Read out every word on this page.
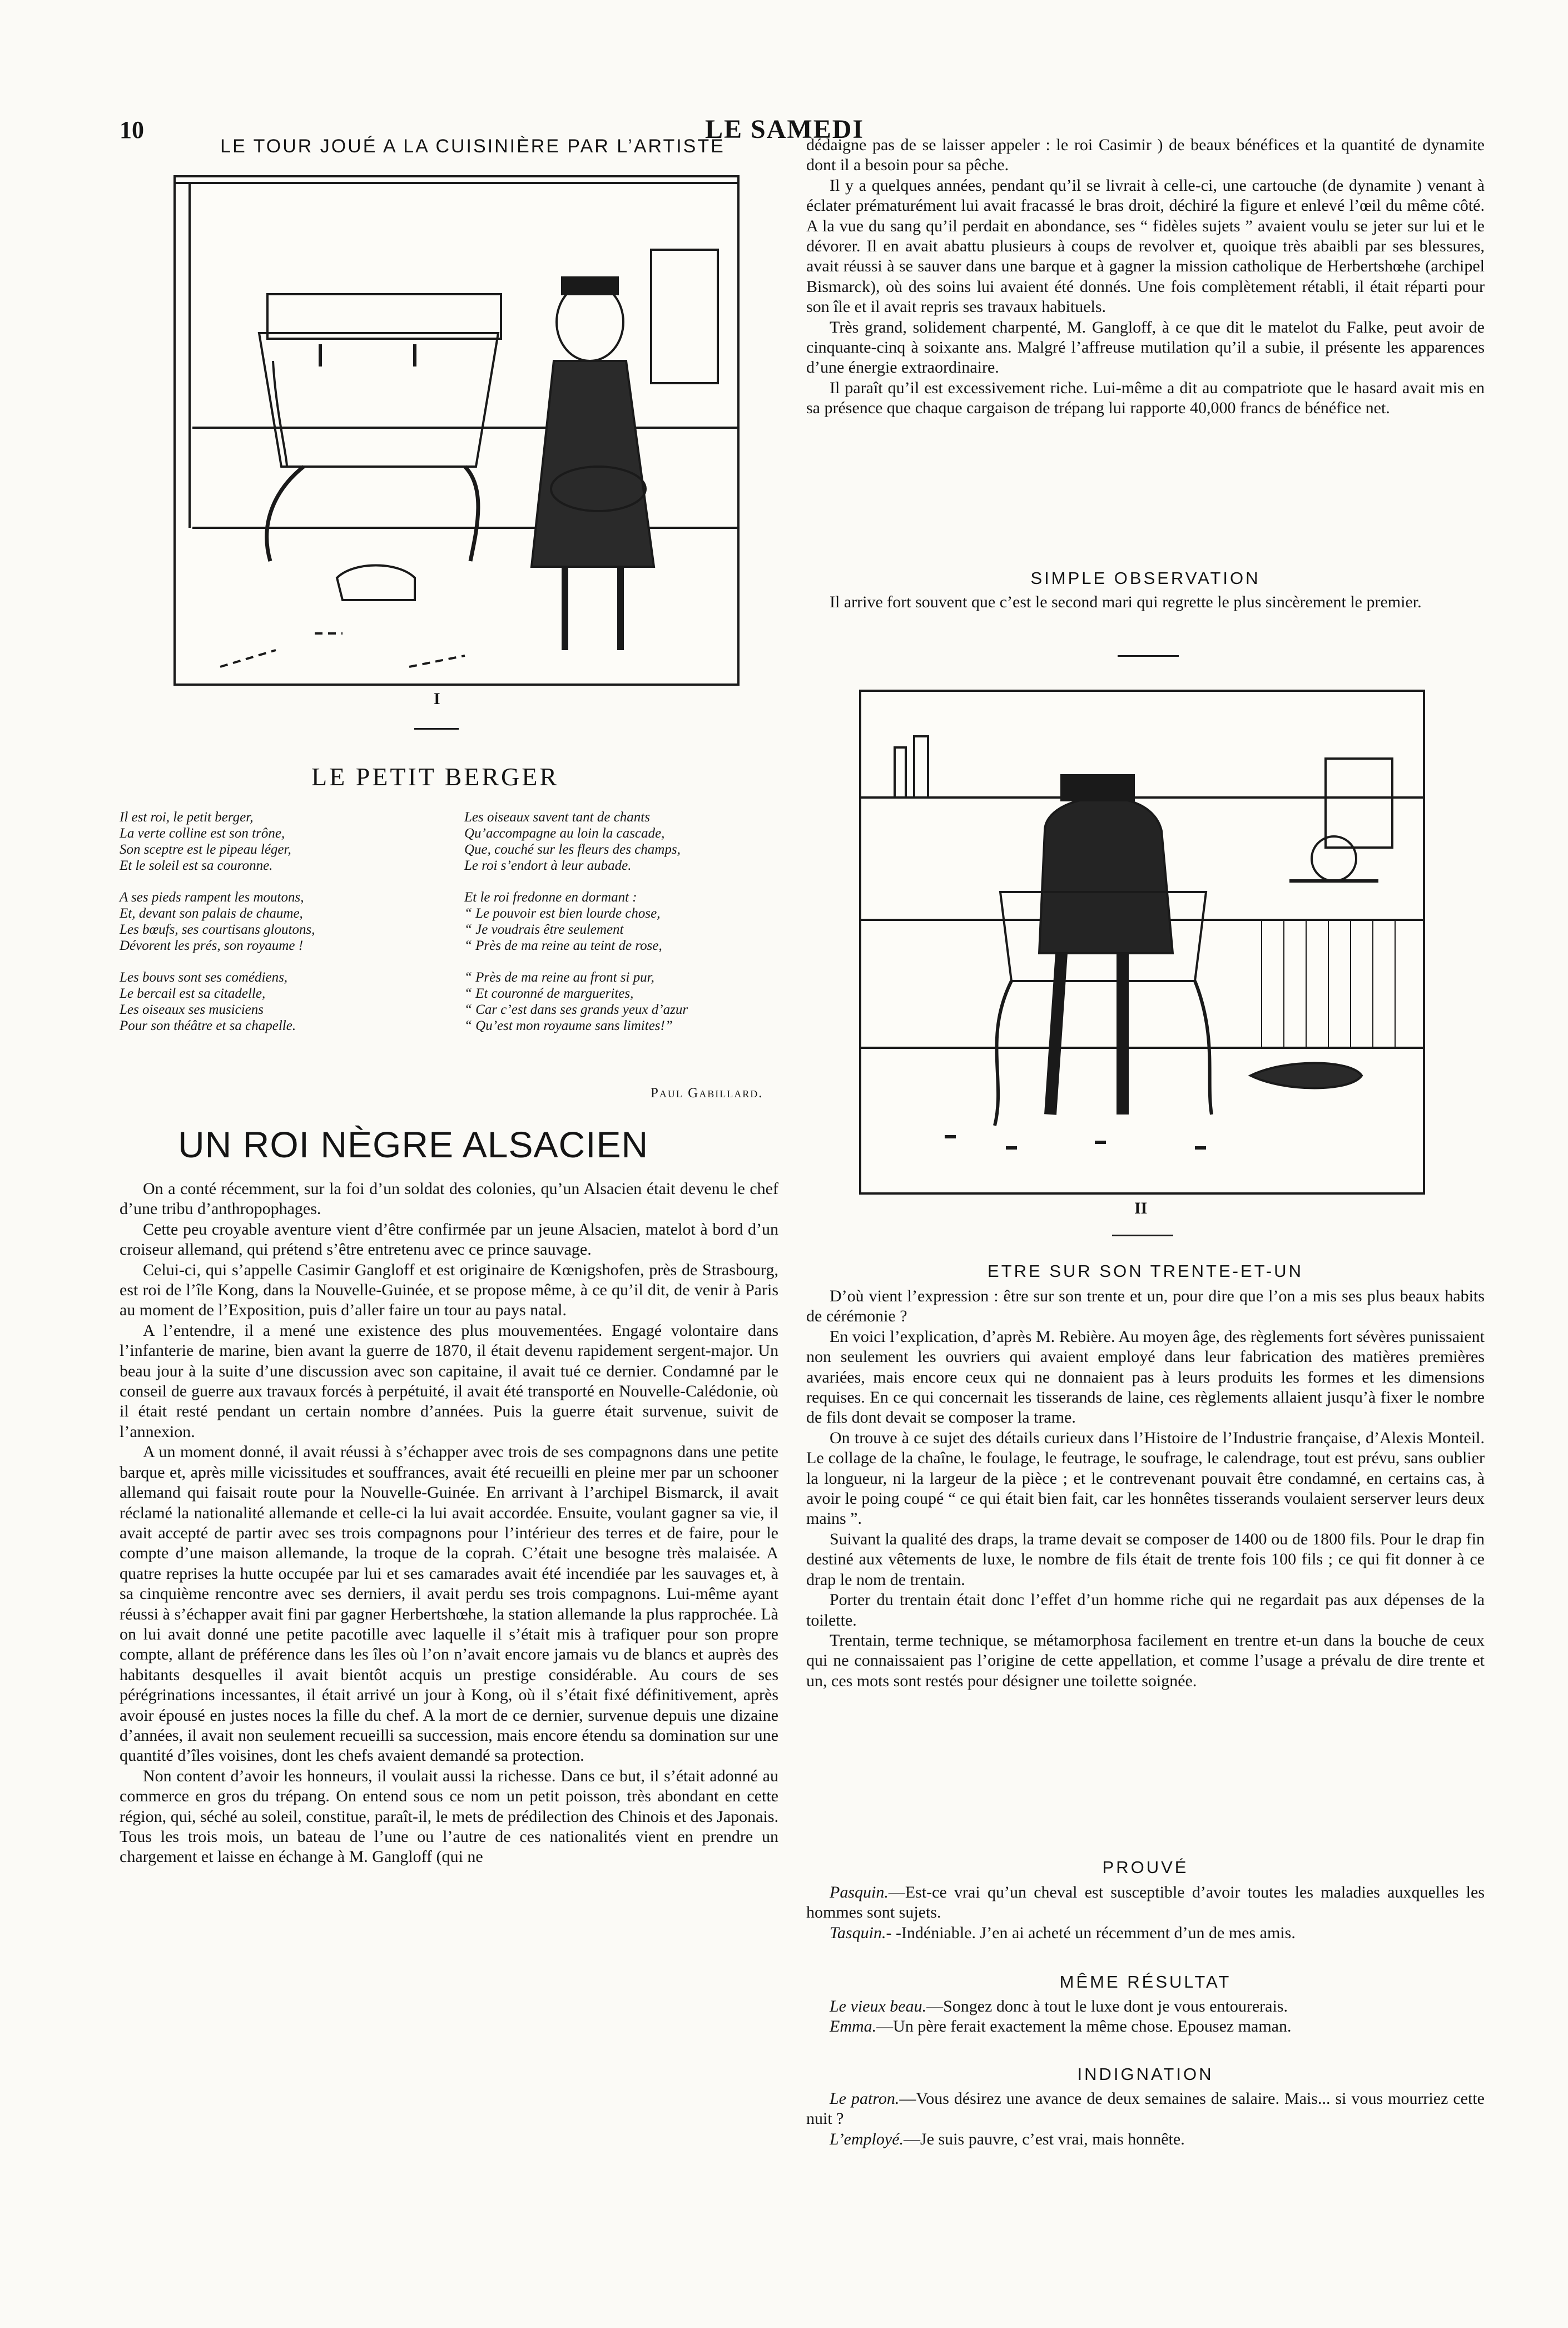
10	LE SAMEDI
LE TOUR JOUÉ A LA CUISINIÈRE PAR L’ARTISTE
I
LE PETIT BERGER
Il est roi, le petit berger,
La verte colline est son trône,
Son sceptre est le pipeau léger,
Et le soleil est sa couronne.
A ses pieds rampent les moutons,
Et, devant son palais de chaume,
Les bœufs, ses courtisans gloutons,
Dévorent les prés, son royaume !
Les bouvs sont ses comédiens,
Le bercail est sa citadelle,
Les oiseaux ses musiciens
Pour son théâtre et sa chapelle.
Les oiseaux savent tant de chants
Qu’accompagne au loin la cascade,
Que, couché sur les fleurs des champs,
Le roi s’endort à leur aubade.
Et le roi fredonne en dormant :
“ Le pouvoir est bien lourde chose,
“ Je voudrais être seulement
“ Près de ma reine au teint de rose,
“ Près de ma reine au front si pur,
“ Et couronné de marguerites,
“ Car c’est dans ses grands yeux d’azur
“ Qu’est mon royaume sans limites!”
Paul Gabillard.
UN ROI NÈGRE ALSACIEN

On a conté récemment, sur la foi d’un soldat des colonies, qu’un Alsacien était devenu le chef d’une tribu d’anthropophages.

Cette peu croyable aventure vient d’être confirmée par un jeune Alsacien, matelot à bord d’un croiseur allemand, qui prétend s’être entretenu avec ce prince sauvage.

Celui-ci, qui s’appelle Casimir Gangloff et est originaire de Kœnigshofen, près de Strasbourg, est roi de l’île Kong, dans la Nouvelle-Guinée, et se propose même, à ce qu’il dit, de venir à Paris au moment de l’Exposition, puis d’aller faire un tour au pays natal.

A l’entendre, il a mené une existence des plus mouvementées. Engagé volontaire dans l’infanterie de marine, bien avant la guerre de 1870, il était devenu rapidement sergent-major. Un beau jour à la suite d’une discussion avec son capitaine, il avait tué ce dernier. Condamné par le conseil de guerre aux travaux forcés à perpétuité, il avait été transporté en Nouvelle-Calédonie, où il était resté pendant un certain nombre d’années. Puis la guerre était survenue, suivit de l’annexion.

A un moment donné, il avait réussi à s’échapper avec trois de ses compagnons dans une petite barque et, après mille vicissitudes et souffrances, avait été recueilli en pleine mer par un schooner allemand qui faisait route pour la Nouvelle-Guinée. En arrivant à l’archipel Bismarck, il avait réclamé la nationalité allemande et celle-ci la lui avait accordée. Ensuite, voulant gagner sa vie, il avait accepté de partir avec ses trois compagnons pour l’intérieur des terres et de faire, pour le compte d’une maison allemande, la troque de la coprah. C’était une besogne très malaisée. A quatre reprises la hutte occupée par lui et ses camarades avait été incendiée par les sauvages et, à sa cinquième rencontre avec ses derniers, il avait perdu ses trois compagnons. Lui-même ayant réussi à s’échapper avait fini par gagner Herbertshœhe, la station allemande la plus rapprochée. Là on lui avait donné une petite pacotille avec laquelle il s’était mis à trafiquer pour son propre compte, allant de préférence dans les îles où l’on n’avait encore jamais vu de blancs et auprès des habitants desquelles il avait bientôt acquis un prestige considérable. Au cours de ses pérégrinations incessantes, il était arrivé un jour à Kong, où il s’était fixé définitivement, après avoir épousé en justes noces la fille du chef. A la mort de ce dernier, survenue depuis une dizaine d’années, il avait non seulement recueilli sa succession, mais encore étendu sa domination sur une quantité d’îles voisines, dont les chefs avaient demandé sa protection.

Non content d’avoir les honneurs, il voulait aussi la richesse. Dans ce but, il s’était adonné au commerce en gros du trépang. On entend sous ce nom un petit poisson, très abondant en cette région, qui, séché au soleil, constitue, paraît-il, le mets de prédilection des Chinois et des Japonais. Tous les trois mois, un bateau de l’une ou l’autre de ces nationalités vient en prendre un chargement et laisse en échange à M. Gangloff (qui ne

dédaigne pas de se laisser appeler : le roi Casimir ) de beaux bénéfices et la quantité de dynamite dont il a besoin pour sa pêche.

Il y a quelques années, pendant qu’il se livrait à celle-ci, une cartouche (de dynamite ) venant à éclater prématurément lui avait fracassé le bras droit, déchiré la figure et enlevé l’œil du même côté. A la vue du sang qu’il perdait en abondance, ses “ fidèles sujets ” avaient voulu se jeter sur lui et le dévorer. Il en avait abattu plusieurs à coups de revolver et, quoique très abaibli par ses blessures, avait réussi à se sauver dans une barque et à gagner la mission catholique de Herbertshœhe (archipel Bismarck), où des soins lui avaient été donnés. Une fois complètement rétabli, il était réparti pour son île et il avait repris ses travaux habituels.

Très grand, solidement charpenté, M. Gangloff, à ce que dit le matelot du Falke, peut avoir de cinquante-cinq à soixante ans. Malgré l’affreuse mutilation qu’il a subie, il présente les apparences d’une énergie extraordinaire.

Il paraît qu’il est excessivement riche. Lui-même a dit au compatriote que le hasard avait mis en sa présence que chaque cargaison de trépang lui rapporte 40,000 francs de bénéfice net.

SIMPLE OBSERVATION

Il arrive fort souvent que c’est le second mari qui regrette le plus sincèrement le premier.

II
ETRE SUR SON TRENTE-ET-UN

D’où vient l’expression : être sur son trente et un, pour dire que l’on a mis ses plus beaux habits de cérémonie ?

En voici l’explication, d’après M. Rebière. Au moyen âge, des règlements fort sévères punissaient non seulement les ouvriers qui avaient employé dans leur fabrication des matières premières avariées, mais encore ceux qui ne donnaient pas à leurs produits les formes et les dimensions requises. En ce qui concernait les tisserands de laine, ces règlements allaient jusqu’à fixer le nombre de fils dont devait se composer la trame.

On trouve à ce sujet des détails curieux dans l’Histoire de l’Industrie française, d’Alexis Monteil. Le collage de la chaîne, le foulage, le feutrage, le soufrage, le calendrage, tout est prévu, sans oublier la longueur, ni la largeur de la pièce ; et le contrevenant pouvait être condamné, en certains cas, à avoir le poing coupé “ ce qui était bien fait, car les honnêtes tisserands voulaient serserver leurs deux mains ”.

Suivant la qualité des draps, la trame devait se composer de 1400 ou de 1800 fils. Pour le drap fin destiné aux vêtements de luxe, le nombre de fils était de trente fois 100 fils ; ce qui fit donner à ce drap le nom de trentain.

Porter du trentain était donc l’effet d’un homme riche qui ne regardait pas aux dépenses de la toilette.

Trentain, terme technique, se métamorphosa facilement en trentre et-un dans la bouche de ceux qui ne connaissaient pas l’origine de cette appellation, et comme l’usage a prévalu de dire trente et un, ces mots sont restés pour désigner une toilette soignée.

PROUVÉ

Pasquin.—Est-ce vrai qu’un cheval est susceptible d’avoir toutes les maladies auxquelles les hommes sont sujets.

Tasquin.- -Indéniable. J’en ai acheté un récemment d’un de mes amis.

MÊME RÉSULTAT

Le vieux beau.—Songez donc à tout le luxe dont je vous entourerais.

Emma.—Un père ferait exactement la même chose. Epousez maman.

INDIGNATION

Le patron.—Vous désirez une avance de deux semaines de salaire. Mais... si vous mourriez cette nuit ?

L’employé.—Je suis pauvre, c’est vrai, mais honnête.
